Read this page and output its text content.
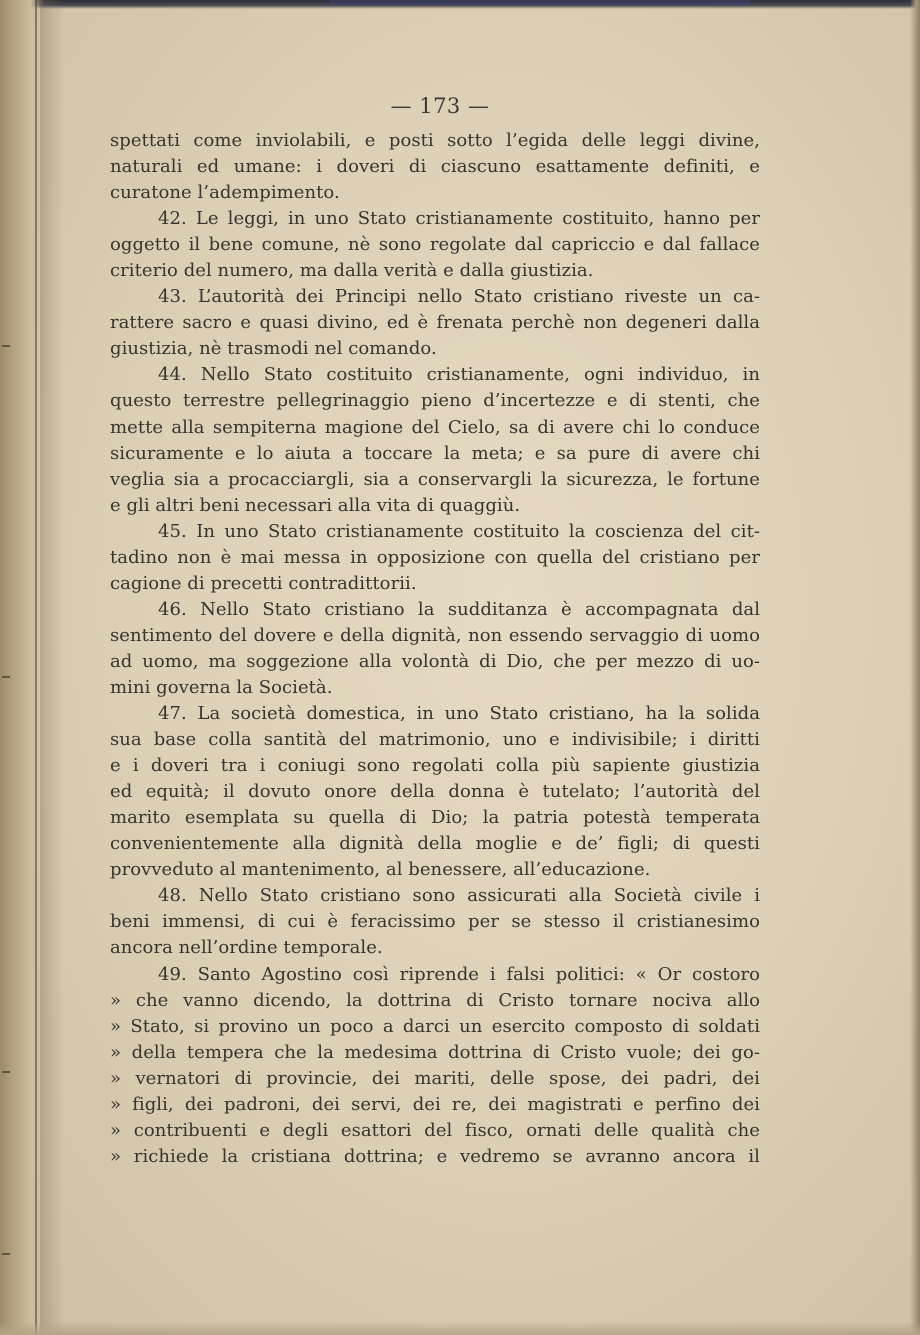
— 173 —
spettati come inviolabili, e posti sotto l’egida delle leggi divine,
naturali ed umane: i doveri di ciascuno esattamente definiti, e
curatone l’adempimento.
42. Le leggi, in uno Stato cristianamente costituito, hanno per
oggetto il bene comune, nè sono regolate dal capriccio e dal fallace
criterio del numero, ma dalla verità e dalla giustizia.
43. L’autorità dei Principi nello Stato cristiano riveste un ca-
rattere sacro e quasi divino, ed è frenata perchè non degeneri dalla
giustizia, nè trasmodi nel comando.
44. Nello Stato costituito cristianamente, ogni individuo, in
questo terrestre pellegrinaggio pieno d’incertezze e di stenti, che
mette alla sempiterna magione del Cielo, sa di avere chi lo conduce
sicuramente e lo aiuta a toccare la meta; e sa pure di avere chi
veglia sia a procacciargli, sia a conservargli la sicurezza, le fortune
e gli altri beni necessari alla vita di quaggiù.
45. In uno Stato cristianamente costituito la coscienza del cit-
tadino non è mai messa in opposizione con quella del cristiano per
cagione di precetti contradittorii.
46. Nello Stato cristiano la sudditanza è accompagnata dal
sentimento del dovere e della dignità, non essendo servaggio di uomo
ad uomo, ma soggezione alla volontà di Dio, che per mezzo di uo-
mini governa la Società.
47. La società domestica, in uno Stato cristiano, ha la solida
sua base colla santità del matrimonio, uno e indivisibile; i diritti
e i doveri tra i coniugi sono regolati colla più sapiente giustizia
ed equità; il dovuto onore della donna è tutelato; l’autorità del
marito esemplata su quella di Dio; la patria potestà temperata
convenientemente alla dignità della moglie e de’ figli; di questi
provveduto al mantenimento, al benessere, all’educazione.
48. Nello Stato cristiano sono assicurati alla Società civile i
beni immensi, di cui è feracissimo per se stesso il cristianesimo
ancora nell’ordine temporale.
49. Santo Agostino così riprende i falsi politici: « Or costoro
» che vanno dicendo, la dottrina di Cristo tornare nociva allo
» Stato, si provino un poco a darci un esercito composto di soldati
» della tempera che la medesima dottrina di Cristo vuole; dei go-
» vernatori di provincie, dei mariti, delle spose, dei padri, dei
» figli, dei padroni, dei servi, dei re, dei magistrati e perfino dei
» contribuenti e degli esattori del fisco, ornati delle qualità che
» richiede la cristiana dottrina; e vedremo se avranno ancora il
